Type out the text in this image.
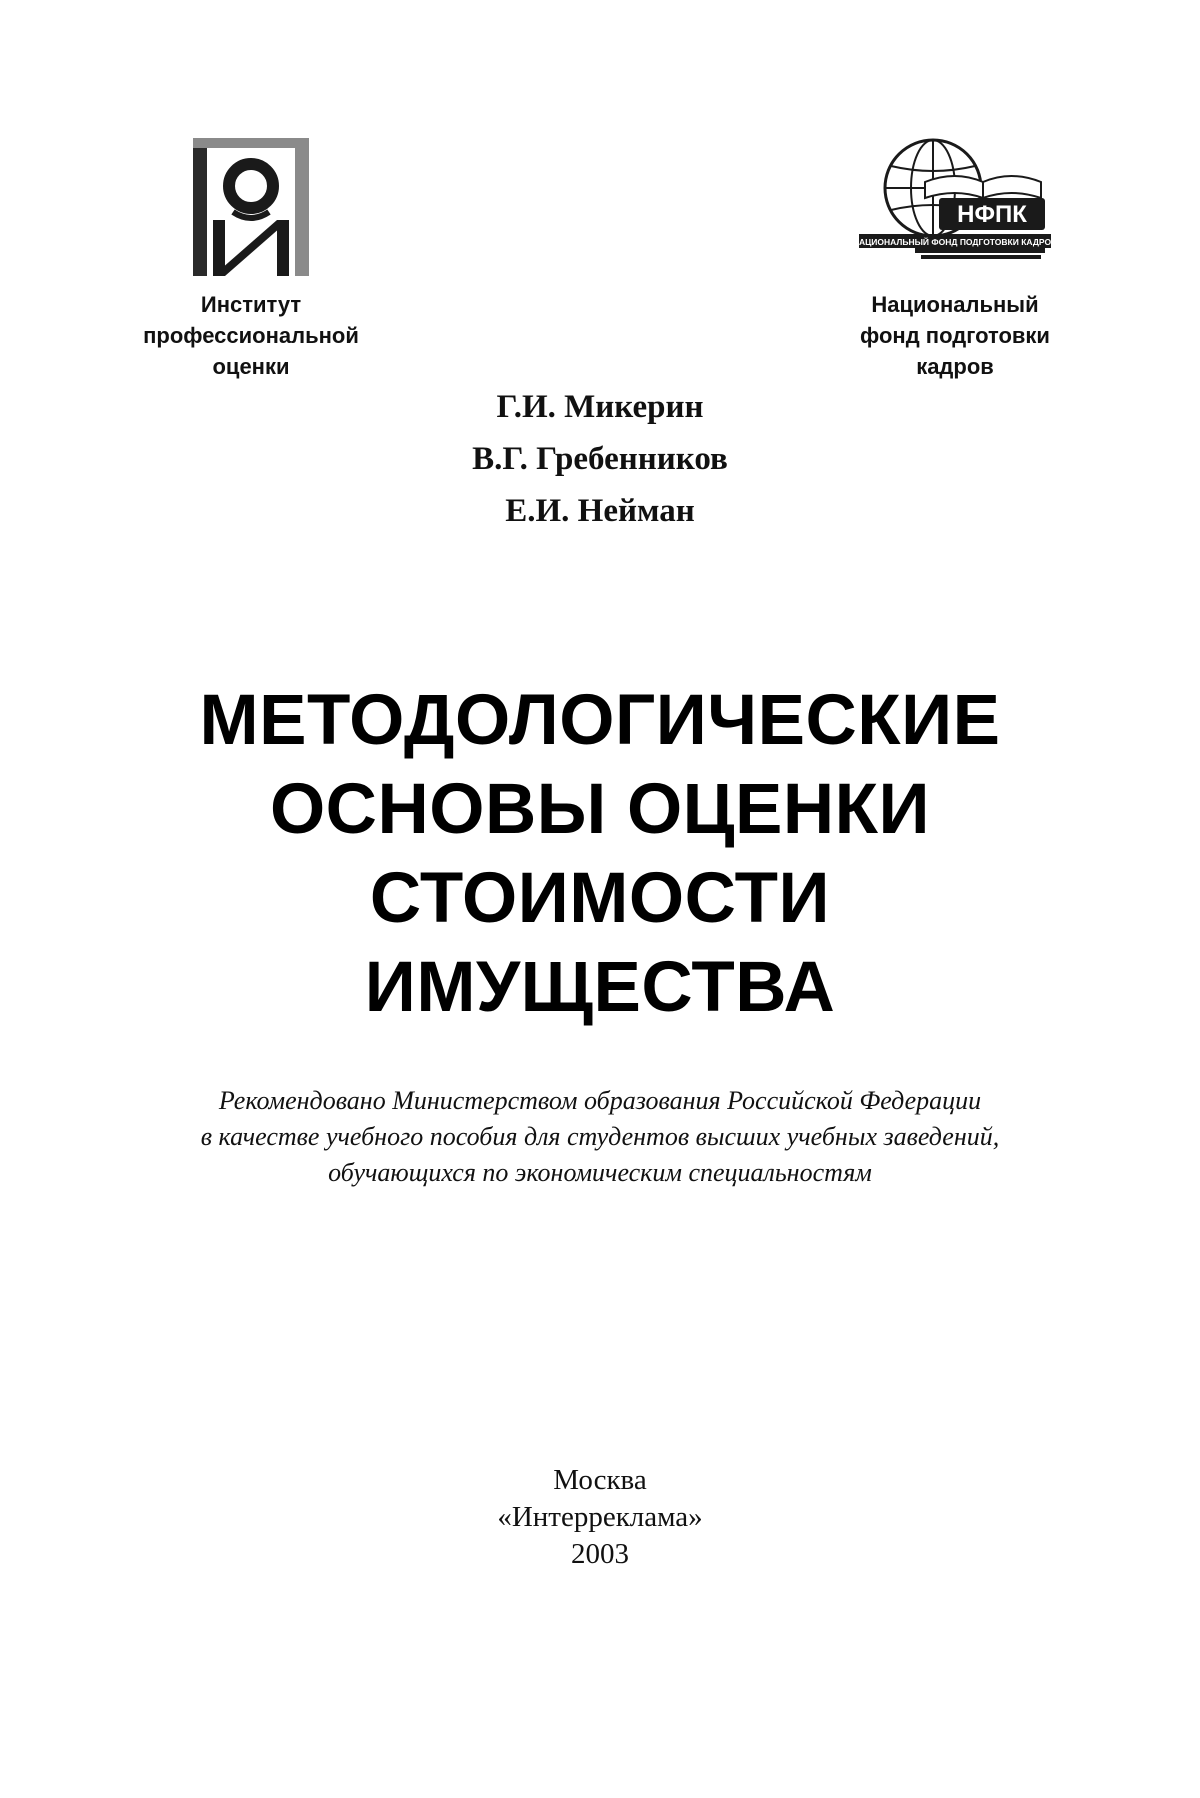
НФПК
НАЦИОНАЛЬНЫЙ ФОНД ПОДГОТОВКИ КАДРОВ
Институт
профессиональной
оценки
Национальный
фонд подготовки
кадров
Г.И. Микерин
В.Г. Гребенников
Е.И. Нейман
МЕТОДОЛОГИЧЕСКИЕ
ОСНОВЫ ОЦЕНКИ
СТОИМОСТИ
ИМУЩЕСТВА
Рекомендовано Министерством образования Российской Федерации
в качестве учебного пособия для студентов высших учебных заведений,
обучающихся по экономическим специальностям
Москва
«Интерреклама»
2003
